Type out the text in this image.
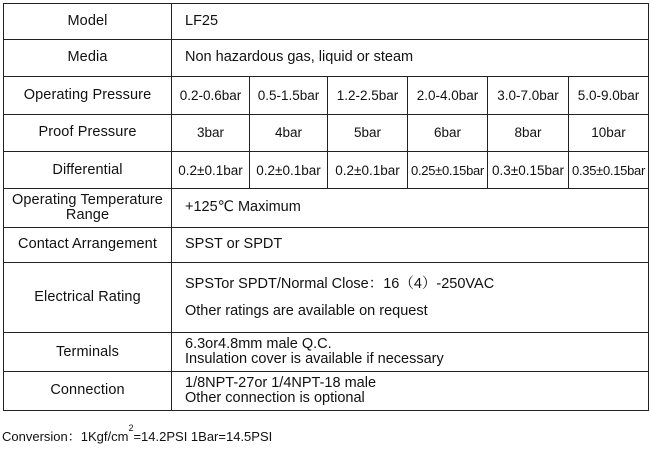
Model	LF25					
Media	Non hazardous gas, liquid or steam					
Operating Pressure	0.2-0.6bar	0.5-1.5bar	1.2-2.5bar	2.0-4.0bar	3.0-7.0bar	5.0-9.0bar
Proof Pressure	3bar	4bar	5bar	6bar	8bar	10bar
Differential	0.2±0.1bar	0.2±0.1bar	0.2±0.1bar	0.25±0.15bar	0.3±0.15bar	0.35±0.15bar
Operating Temperature Range	+125℃ Maximum					
Contact Arrangement	SPST or SPDT					
Electrical Rating	SPSTor SPDT/Normal Close：16（4）-250VAC
Other ratings are available on request					

Terminals	6.3or4.8mm male Q.C.
Insulation cover is available if necessary					

Connection	1/8NPT-27or 1/4NPT-18 male
Other connection is optional					
Conversion：$1Kgf/cm^2=14.2PSI$ 1Bar=14.5PSI
